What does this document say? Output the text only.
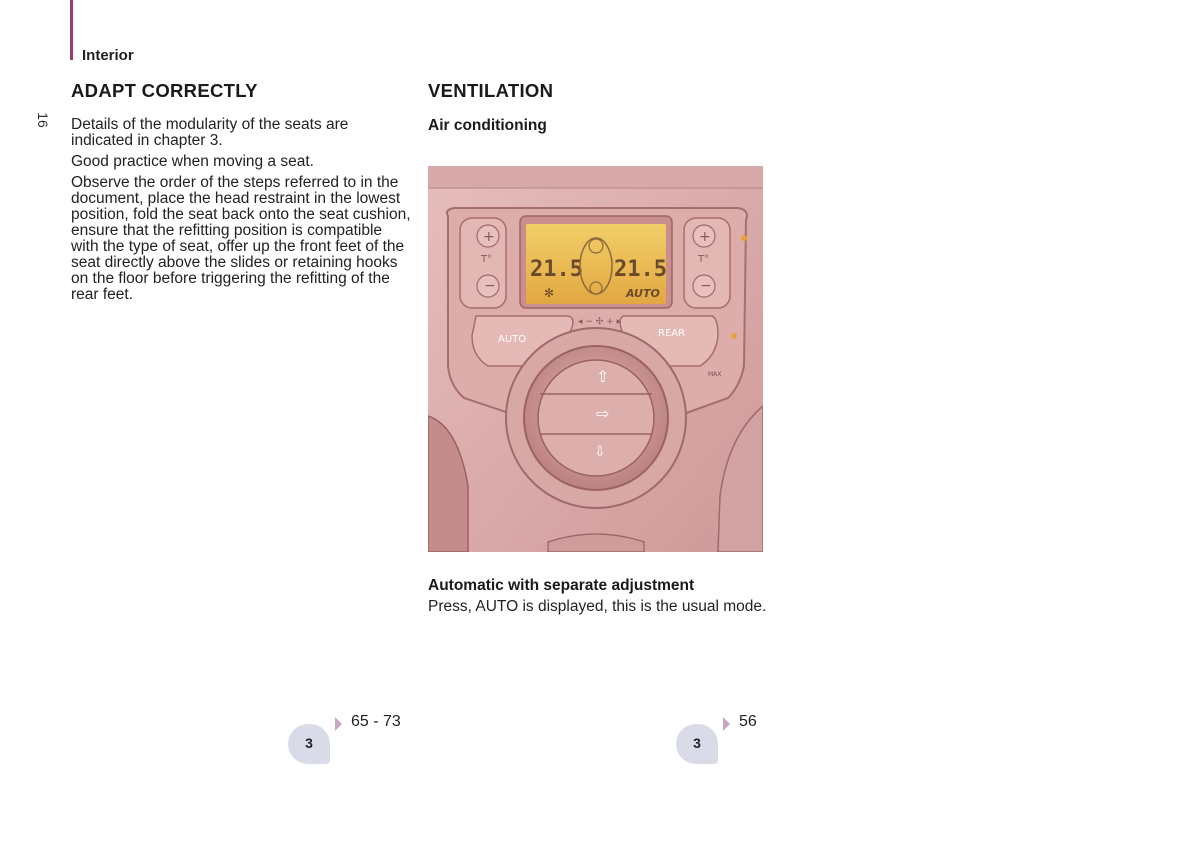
Interior
16
ADAPT CORRECTLY

Details of the modularity of the seats are indicated in chapter 3.

Good practice when moving a seat.

Observe the order of the steps referred to in the document, place the head restraint in the lowest position, fold the seat back onto the seat cushion, ensure that the refitting position is compatible with the type of seat, offer up the front feet of the seat directly above the slides or retaining hooks on the floor before triggering the refitting of the rear feet.

VENTILATION
Air conditioning
+
T°
−
+
T°
−
21.5 21.5
AUTO
✻
AUTO
REAR
MAX
◂ − ✣ + ▸
⇧
⇨
⇩
Automatic with separate adjustment

Press, AUTO is displayed, this is the usual mode.

3
65 - 73
3
56
